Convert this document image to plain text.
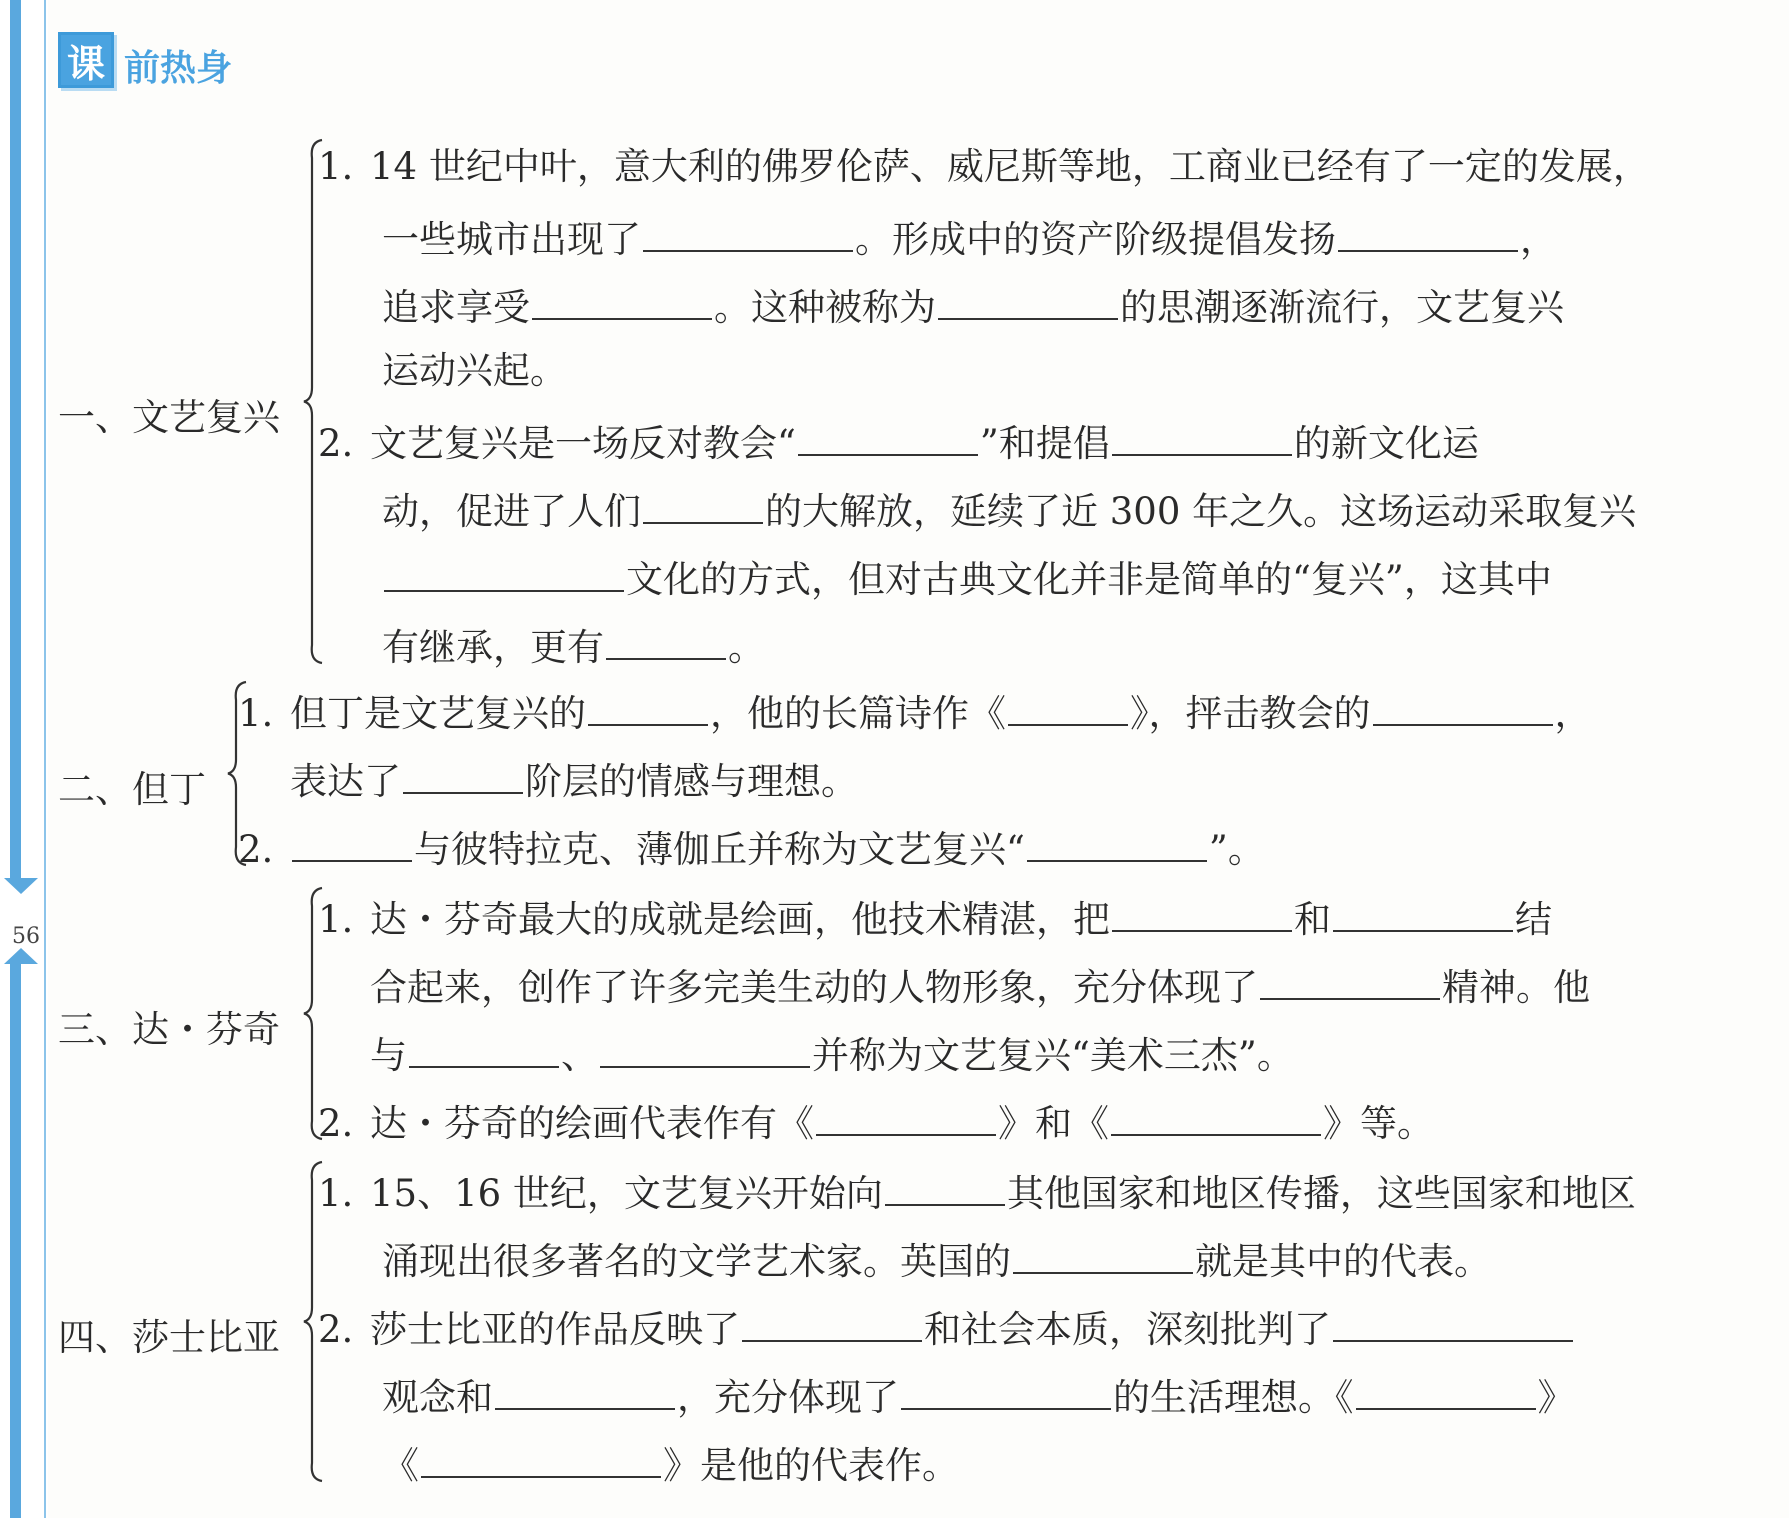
56
课 前热身
1. 14 世纪中叶，意大利的佛罗伦萨、威尼斯等地，工商业已经有了一定的发展，
一些城市出现了	。形成中的资产阶级提倡发扬	，
追求享受	。这种被称为	的思潮逐渐流行，文艺复兴
运动兴起。
2. 文艺复兴是一场反对教会“	”和提倡	的新文化运
动，促进了人们	的大解放，延续了近 300 年之久。这场运动采取复兴
文化的方式，但对古典文化并非是简单的“复兴”，这其中
有继承，更有	。
一、文艺复兴
1. 但丁是文艺复兴的	，他的长篇诗作《	》，抨击教会的	，
表达了	阶层的情感与理想。
2.	与彼特拉克、薄伽丘并称为文艺复兴“	”。
二、但丁
1. 达・芬奇最大的成就是绘画，他技术精湛，把	和	结
合起来，创作了许多完美生动的人物形象，充分体现了	精神。他
与	、	并称为文艺复兴“美术三杰”。
2. 达・芬奇的绘画代表作有《	》和《	》等。
三、达・芬奇
1. 15、16 世纪，文艺复兴开始向	其他国家和地区传播，这些国家和地区
涌现出很多著名的文学艺术家。英国的	就是其中的代表。
2. 莎士比亚的作品反映了	和社会本质，深刻批判了
观念和	，充分体现了	的生活理想。《	》
《	》是他的代表作。
四、莎士比亚
